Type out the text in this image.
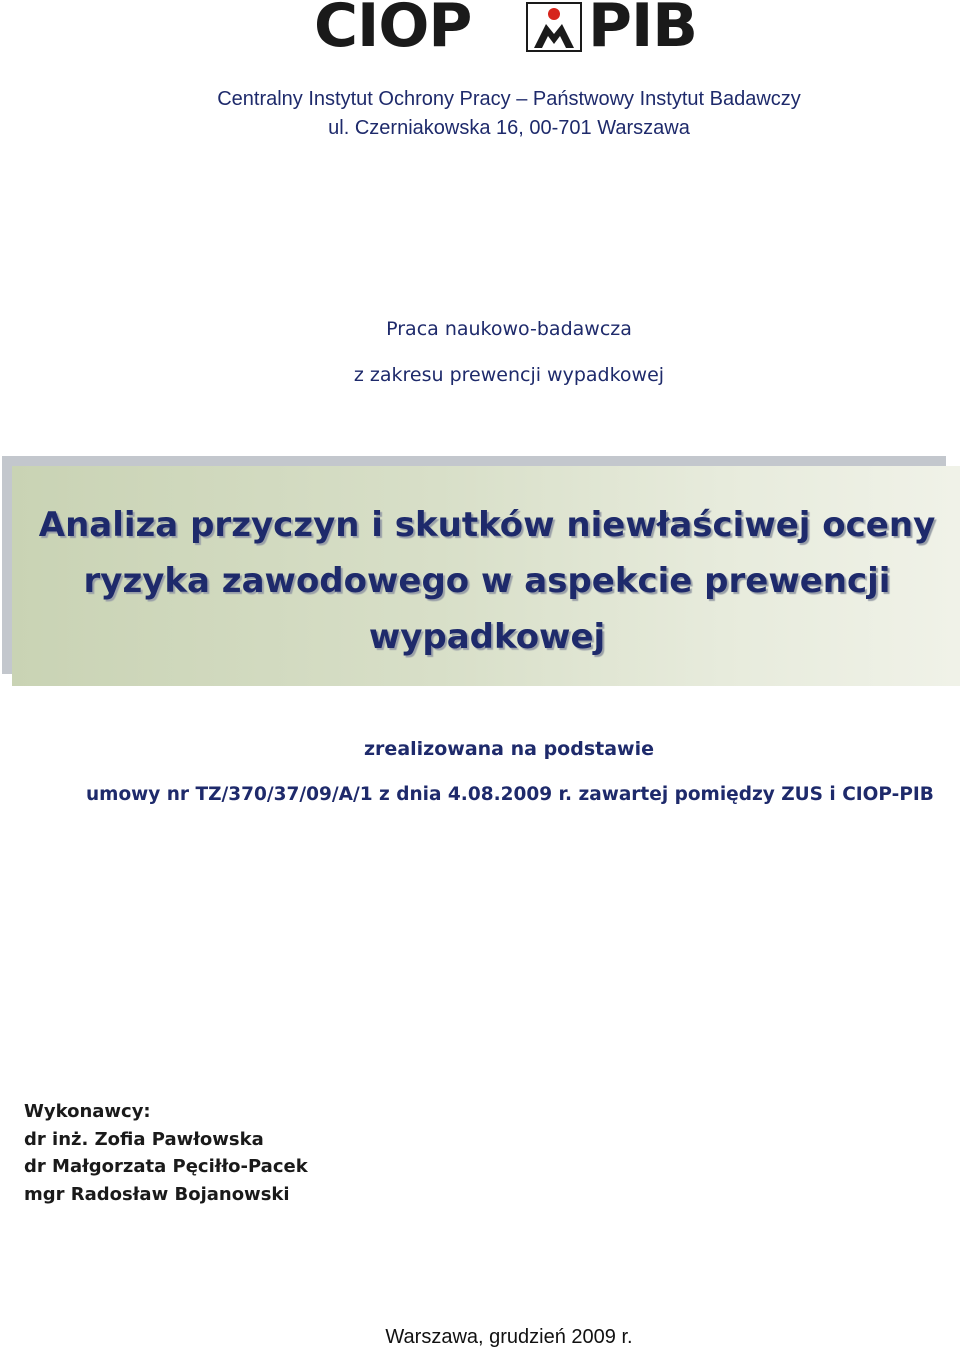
CIOP PIB
Centralny Instytut Ochrony Pracy – Państwowy Instytut Badawczy
ul. Czerniakowska 16, 00-701 Warszawa
Praca naukowo-badawcza
z zakresu prewencji wypadkowej
Analiza przyczyn i skutków niewłaściwej oceny
ryzyka zawodowego w aspekcie prewencji
wypadkowej
zrealizowana na podstawie
umowy nr TZ/370/37/09/A/1 z dnia 4.08.2009 r. zawartej pomiędzy ZUS i CIOP-PIB
Wykonawcy:
dr inż. Zofia Pawłowska
dr Małgorzata Pęciłło-Pacek
mgr Radosław Bojanowski
Warszawa, grudzień 2009 r.
